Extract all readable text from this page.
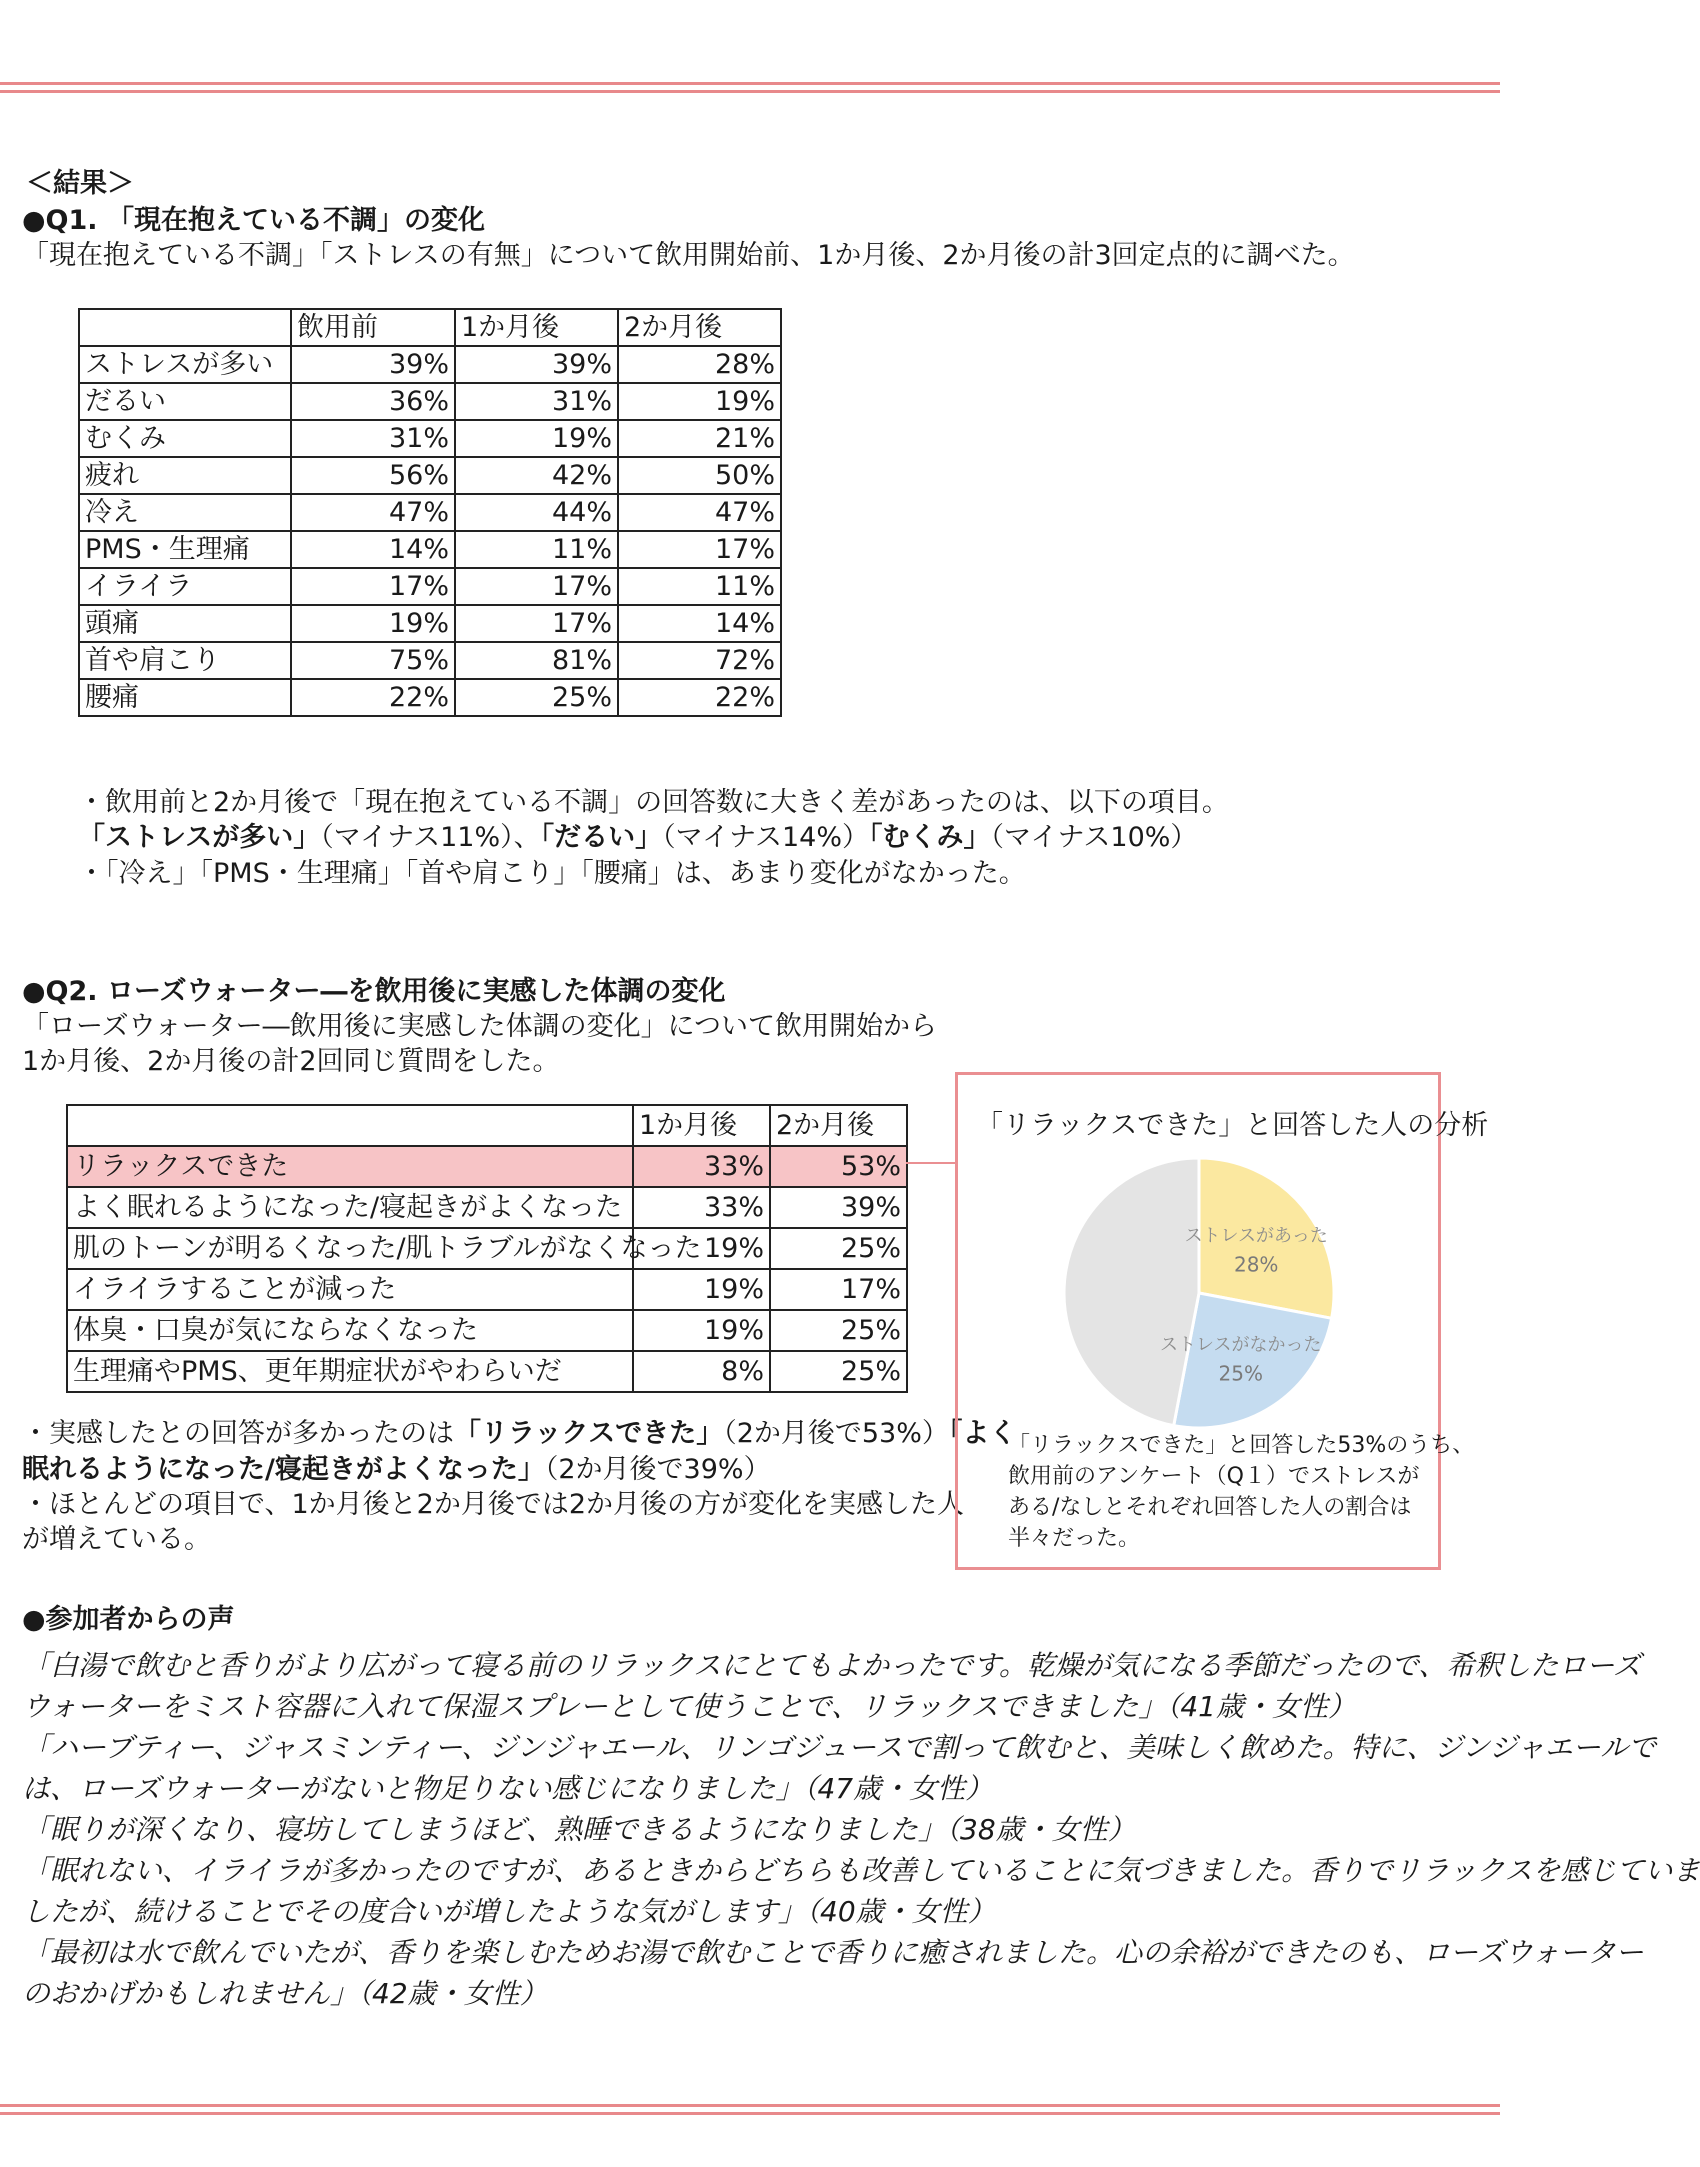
＜結果＞
●Q1. 「現在抱えている不調」の変化
「現在抱えている不調」「ストレスの有無」について飲用開始前、1か月後、2か月後の計3回定点的に調べた。
	飲用前	1か月後	2か月後
ストレスが多い	39%	39%	28%
だるい	36%	31%	19%
むくみ	31%	19%	21%
疲れ	56%	42%	50%
冷え	47%	44%	47%
PMS・生理痛	14%	11%	17%
イライラ	17%	17%	11%
頭痛	19%	17%	14%
首や肩こり	75%	81%	72%
腰痛	22%	25%	22%
・飲用前と2か月後で「現在抱えている不調」の回答数に大きく差があったのは、以下の項目。
「ストレスが多い」（マイナス11%）、「だるい」（マイナス14%）「むくみ」（マイナス10%）
・「冷え」「PMS・生理痛」「首や肩こり」「腰痛」は、あまり変化がなかった。
●Q2. ローズウォーター―を飲用後に実感した体調の変化
「ローズウォーター―飲用後に実感した体調の変化」について飲用開始から
1か月後、2か月後の計2回同じ質問をした。
	1か月後	2か月後
リラックスできた	33%	53%
よく眠れるようになった/寝起きがよくなった	33%	39%
肌のトーンが明るくなった/肌トラブルがなくなった	19%	25%
イライラすることが減った	19%	17%
体臭・口臭が気にならなくなった	19%	25%
生理痛やPMS、更年期症状がやわらいだ	8%	25%
・実感したとの回答が多かったのは「リラックスできた」（2か月後で53%）「よく
眠れるようになった/寝起きがよくなった」（2か月後で39%）
・ほとんどの項目で、1か月後と2か月後では2か月後の方が変化を実感した人
が増えている。
「リラックスできた」と回答した人の分析
ストレスがあった
28%
ストレスがなかった
25%
「リラックスできた」と回答した53%のうち、
飲用前のアンケート（Q１）でストレスが
ある/なしとそれぞれ回答した人の割合は
半々だった。
●参加者からの声
「白湯で飲むと香りがより広がって寝る前のリラックスにとてもよかったです。乾燥が気になる季節だったので、希釈したローズ
ウォーターをミスト容器に入れて保湿スプレーとして使うことで、リラックスできました」（41歳・女性）
「ハーブティー、ジャスミンティー、ジンジャエール、リンゴジュースで割って飲むと、美味しく飲めた。特に、ジンジャエールで
は、ローズウォーターがないと物足りない感じになりました」（47歳・女性）
「眠りが深くなり、寝坊してしまうほど、熟睡できるようになりました」（38歳・女性）
「眠れない、イライラが多かったのですが、あるときからどちらも改善していることに気づきました。香りでリラックスを感じていま
したが、続けることでその度合いが増したような気がします」（40歳・女性）
「最初は水で飲んでいたが、香りを楽しむためお湯で飲むことで香りに癒されました。心の余裕ができたのも、ローズウォーター
のおかげかもしれません」（42歳・女性）
